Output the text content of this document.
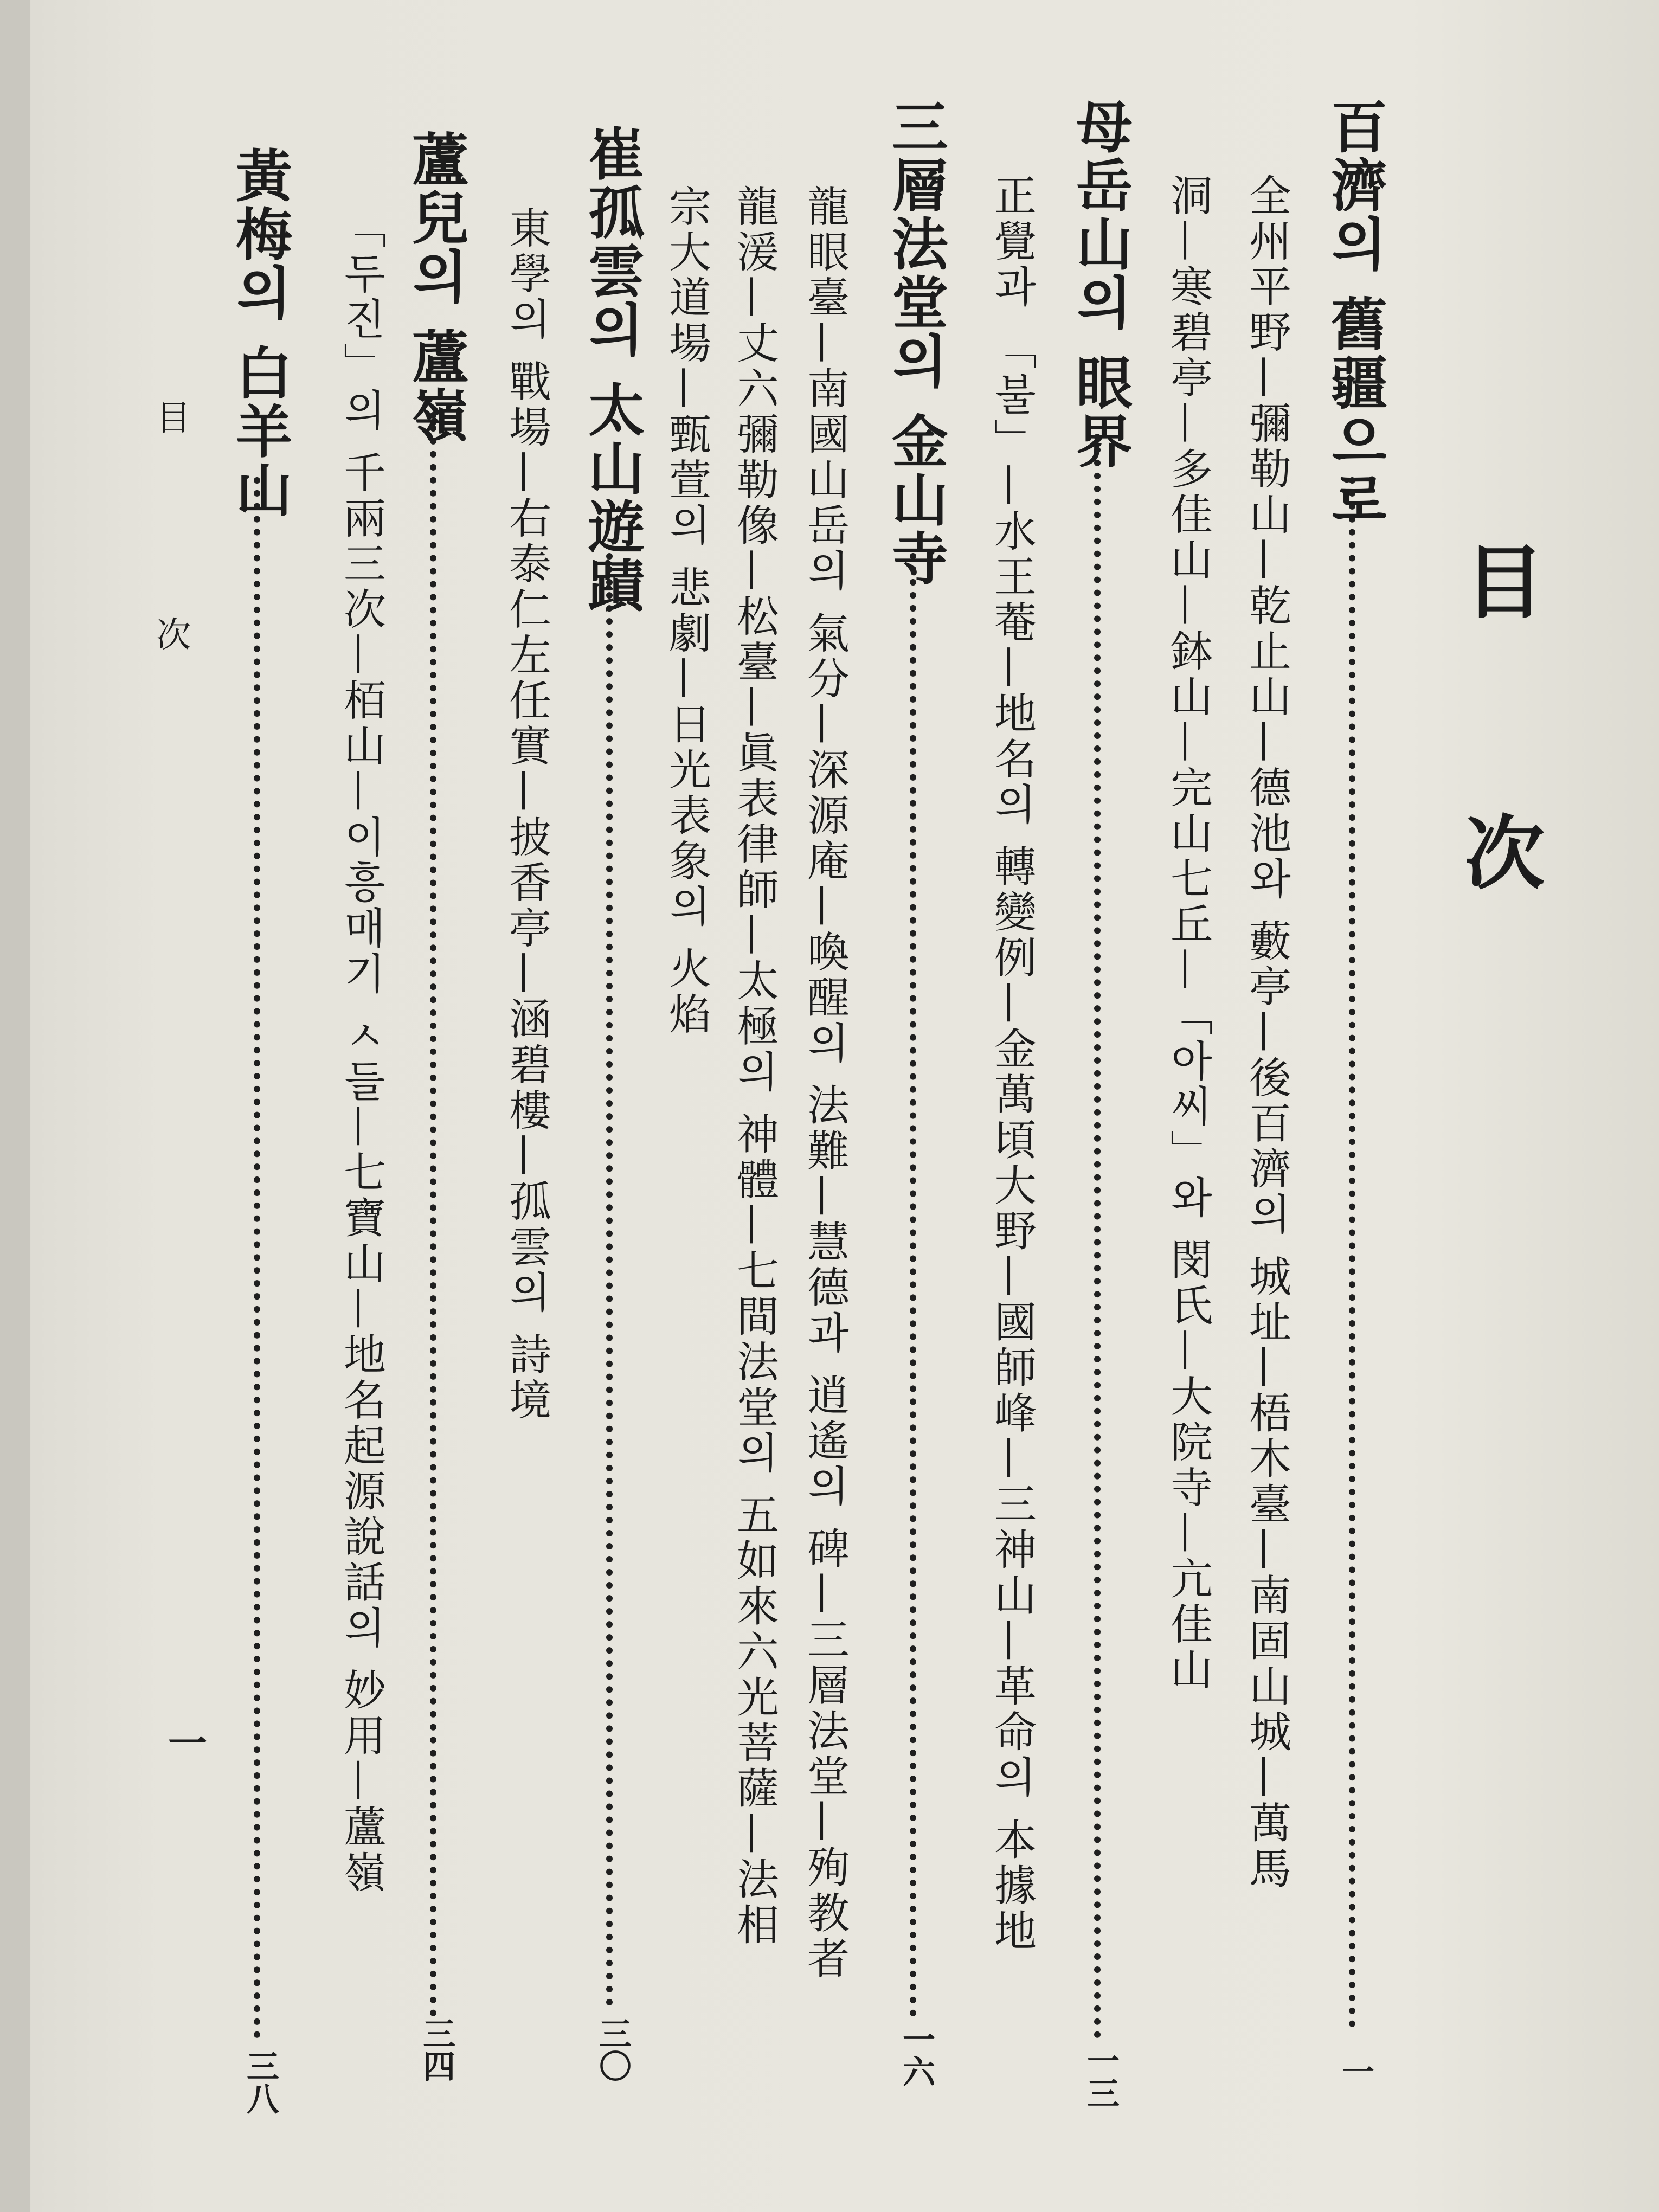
目
次
百濟의 舊疆으로
一
全州平野—彌勒山—乾止山—德池와 藪亭—後百濟의 城址—梧木臺—南固山城—萬馬
洞—寒碧亭—多佳山—鉢山—完山七丘—「아씨」와 閔氏—大院寺—亢佳山
母岳山의 眼界
一三
正覺과 「불」—水王菴—地名의 轉變例—金萬頃大野—國師峰—三神山—革命의 本據地
三層法堂의 金山寺
一六
龍眼臺—南國山岳의 氣分—深源庵—喚醒의 法難—慧德과 逍遙의 碑—三層法堂—殉教者
龍湲—丈六彌勒像—松臺—眞表律師—太極의 神體—七間法堂의 五如來六光菩薩—法相
宗大道場—甄萱의 悲劇—日光表象의 火焰
崔孤雲의 太山遊蹟
三〇
東學의 戰場—右泰仁左任實—披香亭—涵碧樓—孤雲의 詩境
蘆兒의 蘆嶺
三四
「두진」의 千兩三次—栢山—이흥매기 ㅅ들—七寶山—地名起源說話의 妙用—蘆嶺
黃梅의 白羊山
三八
目
次
一
